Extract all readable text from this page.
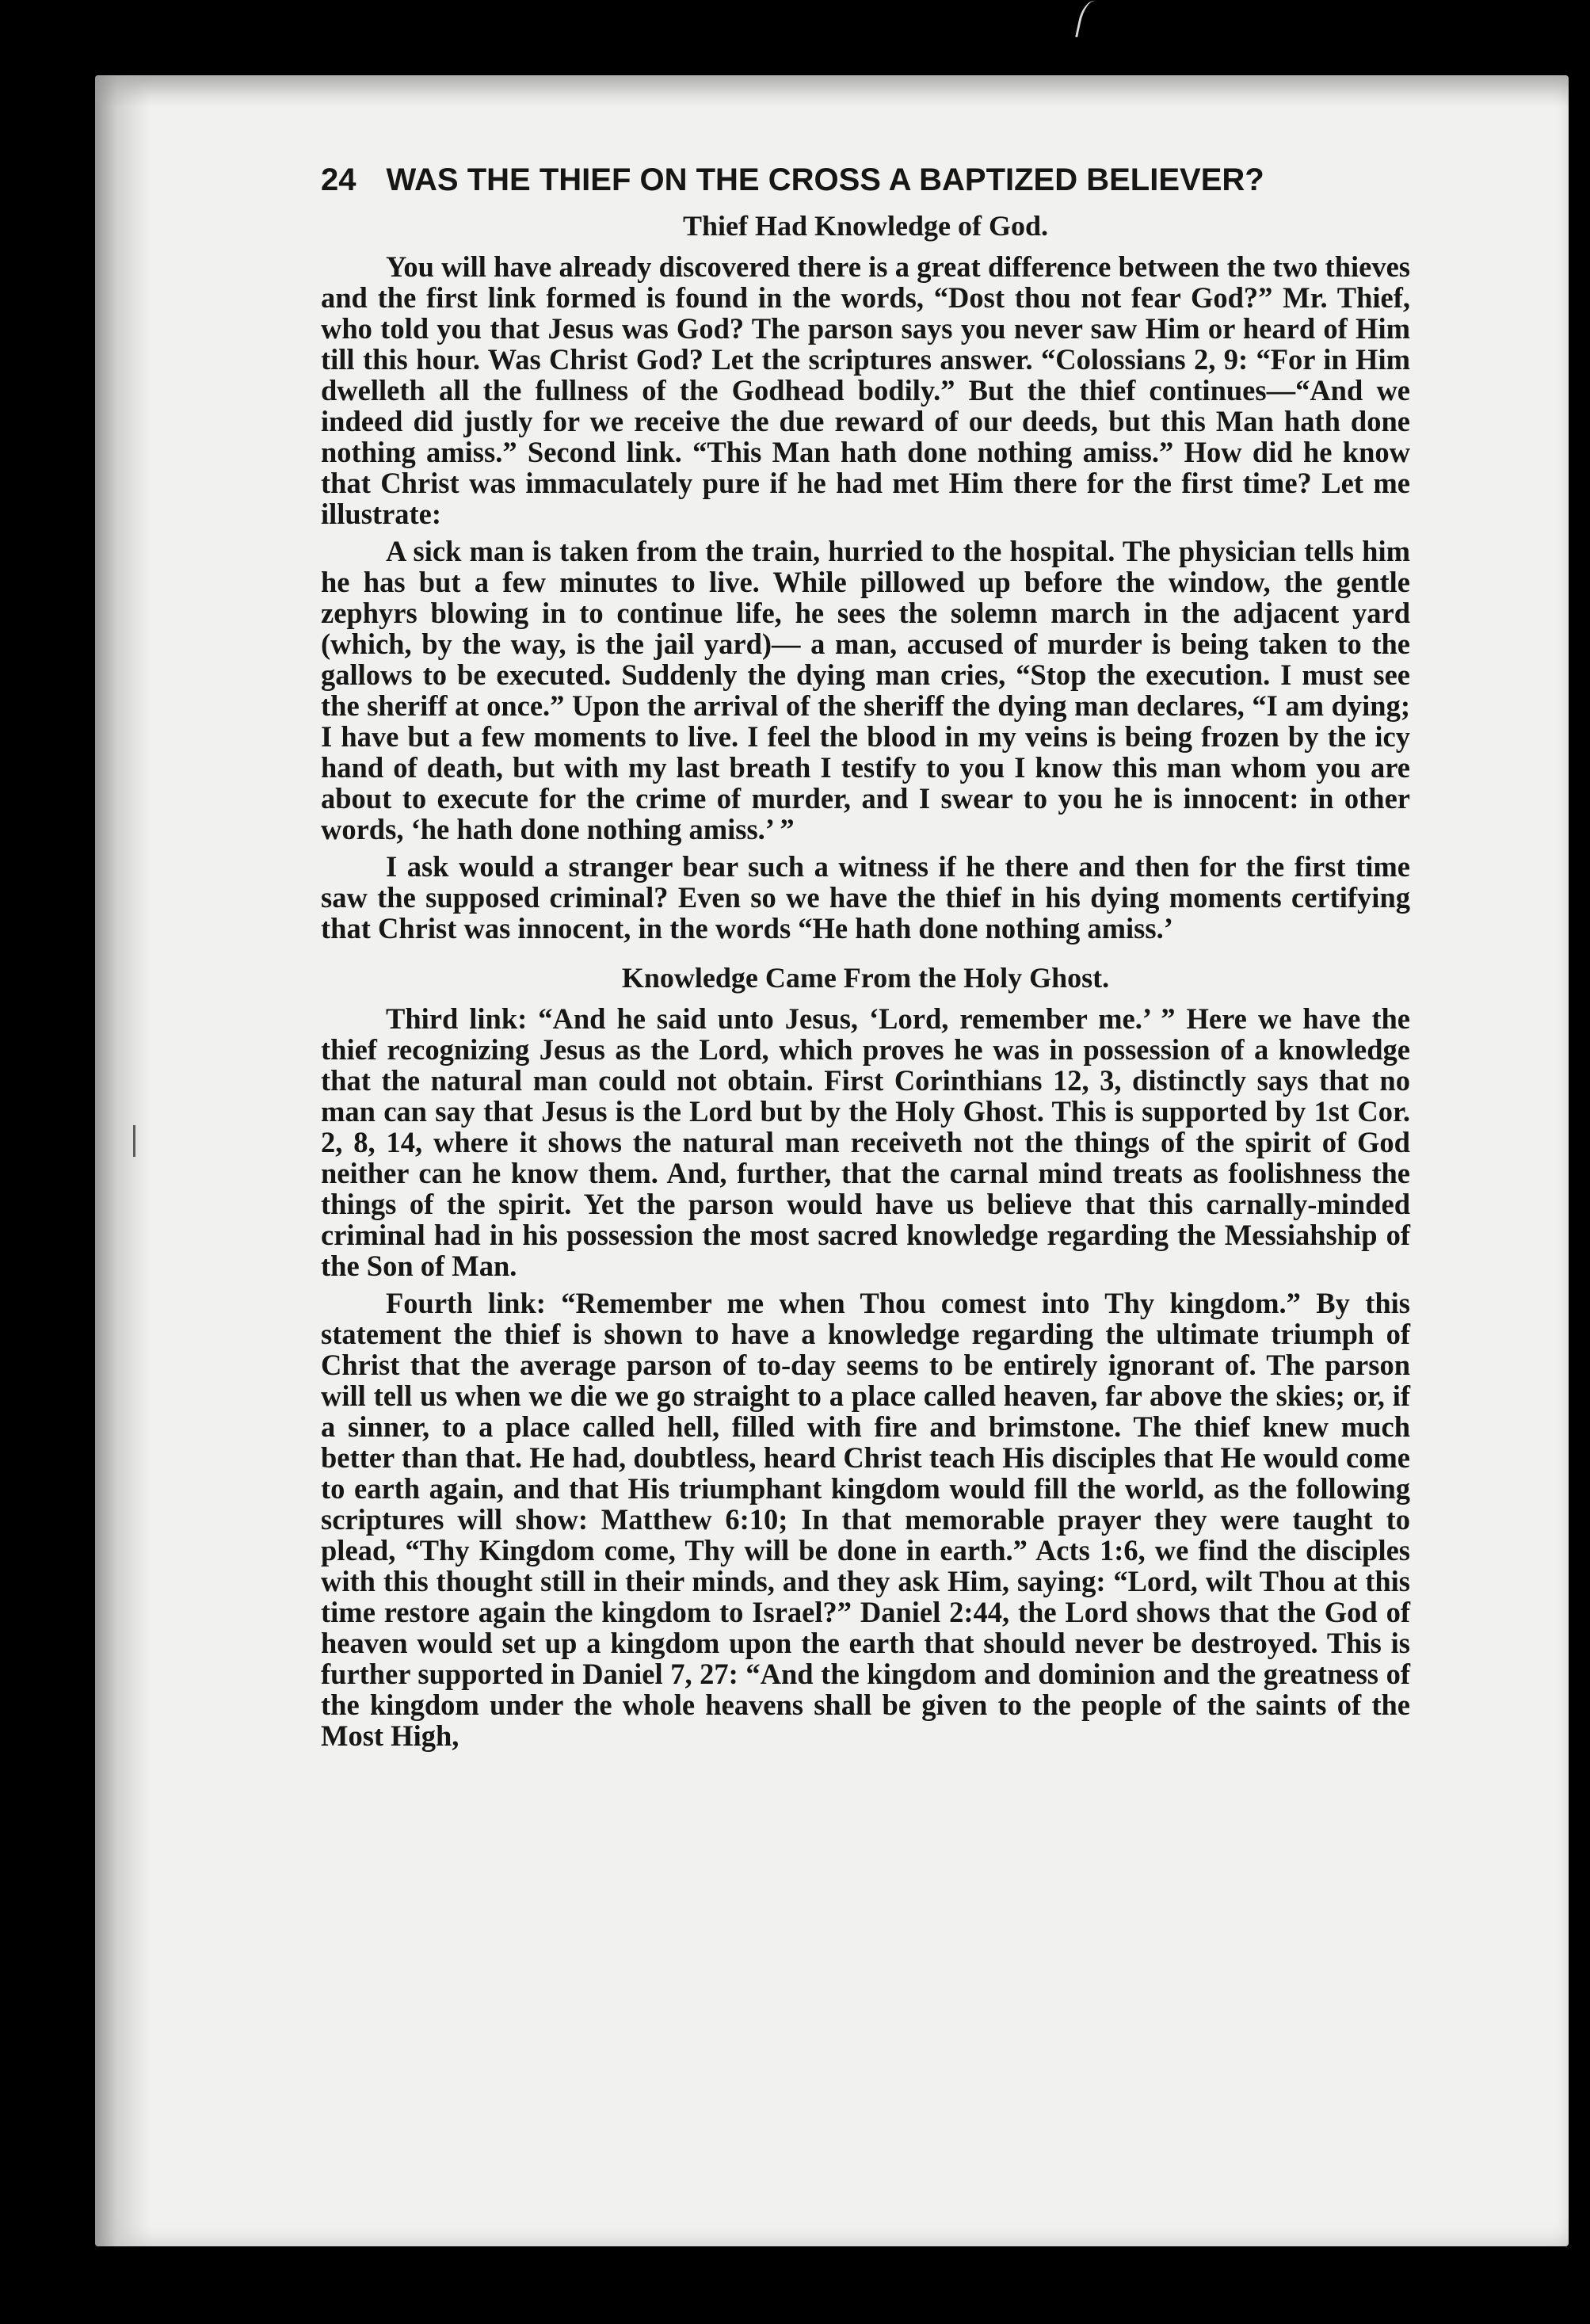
24 WAS THE THIEF ON THE CROSS A BAPTIZED BELIEVER?
Thief Had Knowledge of God.

You will have already discovered there is a great difference between the two thieves and the first link formed is found in the words, “Dost thou not fear God?” Mr. Thief, who told you that Jesus was God? The parson says you never saw Him or heard of Him till this hour. Was Christ God? Let the scriptures answer. “Colossians 2, 9: “For in Him dwelleth all the fullness of the Godhead bodily.” But the thief continues—“And we indeed did justly for we receive the due reward of our deeds, but this Man hath done nothing amiss.” Second link. “This Man hath done nothing amiss.” How did he know that Christ was immaculately pure if he had met Him there for the first time? Let me illustrate:

A sick man is taken from the train, hurried to the hospital. The physician tells him he has but a few minutes to live. While pillowed up before the window, the gentle zephyrs blowing in to continue life, he sees the solemn march in the adjacent yard (which, by the way, is the jail yard)— a man, accused of murder is being taken to the gallows to be executed. Suddenly the dying man cries, “Stop the execution. I must see the sheriff at once.” Upon the arrival of the sheriff the dying man declares, “I am dying; I have but a few moments to live. I feel the blood in my veins is being frozen by the icy hand of death, but with my last breath I testify to you I know this man whom you are about to execute for the crime of murder, and I swear to you he is innocent: in other words, ‘he hath done nothing amiss.’ ”

I ask would a stranger bear such a witness if he there and then for the first time saw the supposed criminal? Even so we have the thief in his dying moments certifying that Christ was innocent, in the words “He hath done nothing amiss.’

Knowledge Came From the Holy Ghost.

Third link: “And he said unto Jesus, ‘Lord, remember me.’ ” Here we have the thief recognizing Jesus as the Lord, which proves he was in possession of a knowledge that the natural man could not obtain. First Corinthians 12, 3, distinctly says that no man can say that Jesus is the Lord but by the Holy Ghost. This is supported by 1st Cor. 2, 8, 14, where it shows the natural man receiveth not the things of the spirit of God neither can he know them. And, further, that the carnal mind treats as foolishness the things of the spirit. Yet the parson would have us believe that this carnally-minded criminal had in his possession the most sacred knowledge regarding the Messiahship of the Son of Man.

Fourth link: “Remember me when Thou comest into Thy kingdom.” By this statement the thief is shown to have a knowledge regarding the ultimate triumph of Christ that the average parson of to-day seems to be entirely ignorant of. The parson will tell us when we die we go straight to a place called heaven, far above the skies; or, if a sinner, to a place called hell, filled with fire and brimstone. The thief knew much better than that. He had, doubtless, heard Christ teach His disciples that He would come to earth again, and that His triumphant kingdom would fill the world, as the following scriptures will show: Matthew 6:10; In that memorable prayer they were taught to plead, “Thy Kingdom come, Thy will be done in earth.” Acts 1:6, we find the disciples with this thought still in their minds, and they ask Him, saying: “Lord, wilt Thou at this time restore again the kingdom to Israel?” Daniel 2:44, the Lord shows that the God of heaven would set up a kingdom upon the earth that should never be destroyed. This is further supported in Daniel 7, 27: “And the kingdom and dominion and the greatness of the kingdom under the whole heavens shall be given to the people of the saints of the Most High,
